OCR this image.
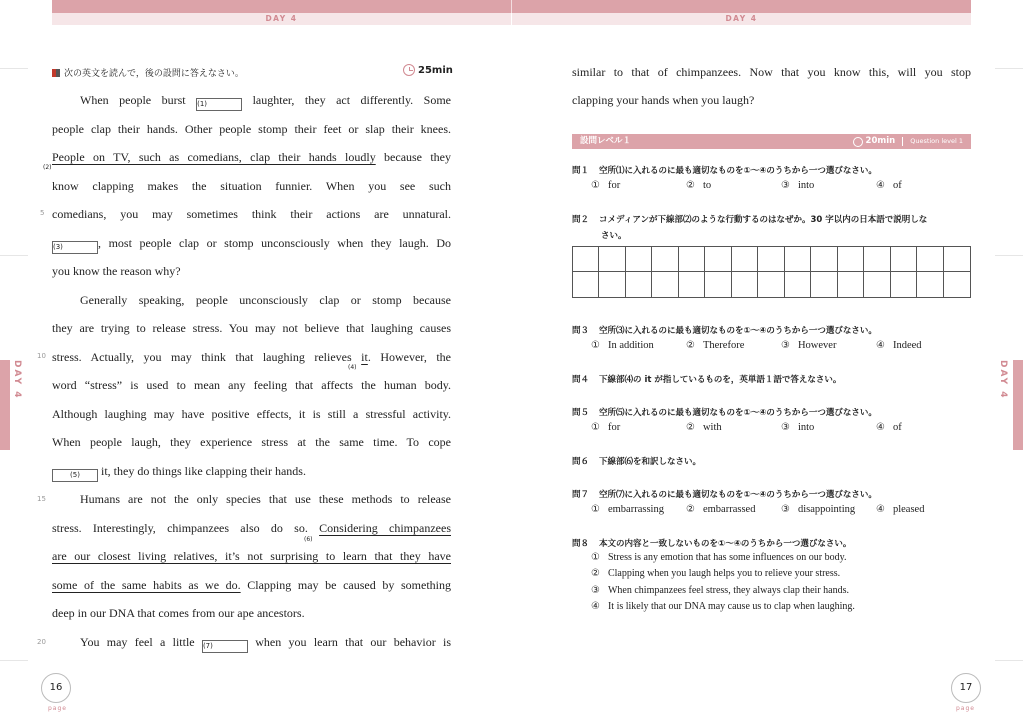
DAY 4	DAY 4
DAY 4	DAY 4
次の英文を読んで，後の設問に答えなさい。	25min
When people burst (1)	laughter, they act differently. Some
people clap their hands. Other people stomp their feet or slap their knees.
People on TV, such as comedians, clap their hands loudly because they
know clapping makes the situation funnier. When you see such
comedians, you may sometimes think their actions are unnatural.
(3)	, most people clap or stomp unconsciously when they laugh. Do
you know the reason why?
Generally speaking, people unconsciously clap or stomp because
they are trying to release stress. You may not believe that laughing causes
stress. Actually, you may think that laughing relieves it. However, the
word “stress” is used to mean any feeling that affects the human body.
Although laughing may have positive effects, it is still a stressful activity.
When people laugh, they experience stress at the same time. To cope
(5) it, they do things like clapping their hands.
Humans are not the only species that use these methods to release
stress. Interestingly, chimpanzees also do so. Considering chimpanzees
are our closest living relatives, it’s not surprising to learn that they have
some of the same habits as we do. Clapping may be caused by something
deep in our DNA that comes from our ape ancestors.
You may feel a little (7)	when you learn that our behavior is
5
10
15
20
(2)
(4)
(6)
16
page
similar to that of chimpanzees. Now that you know this, will you stop
clapping your hands when you laugh?
設問レベル１	20min Question level 1
問１ 空所⑴に入れるのに最も適切なものを①〜④のうちから一つ選びなさい。
① for	② to	③ into	④ of
問２ コメディアンが下線部⑵のような行動するのはなぜか。30 字以内の日本語で説明しな
さい。
問３ 空所⑶に入れるのに最も適切なものを①〜④のうちから一つ選びなさい。
① In addition	② Therefore	③ However	④ Indeed
問４ 下線部⑷の it が指しているものを，英単語１語で答えなさい。
問５ 空所⑸に入れるのに最も適切なものを①〜④のうちから一つ選びなさい。
① for	② with	③ into	④ of
問６ 下線部⑹を和訳しなさい。
問７ 空所⑺に入れるのに最も適切なものを①〜④のうちから一つ選びなさい。
① embarrassing ② embarrassed	③ disappointing ④ pleased
問８ 本文の内容と一致しないものを①〜④のうちから一つ選びなさい。
① Stress is any emotion that has some influences on our body.
② Clapping when you laugh helps you to relieve your stress.
③ When chimpanzees feel stress, they always clap their hands.
④ It is likely that our DNA may cause us to clap when laughing.
17
page
